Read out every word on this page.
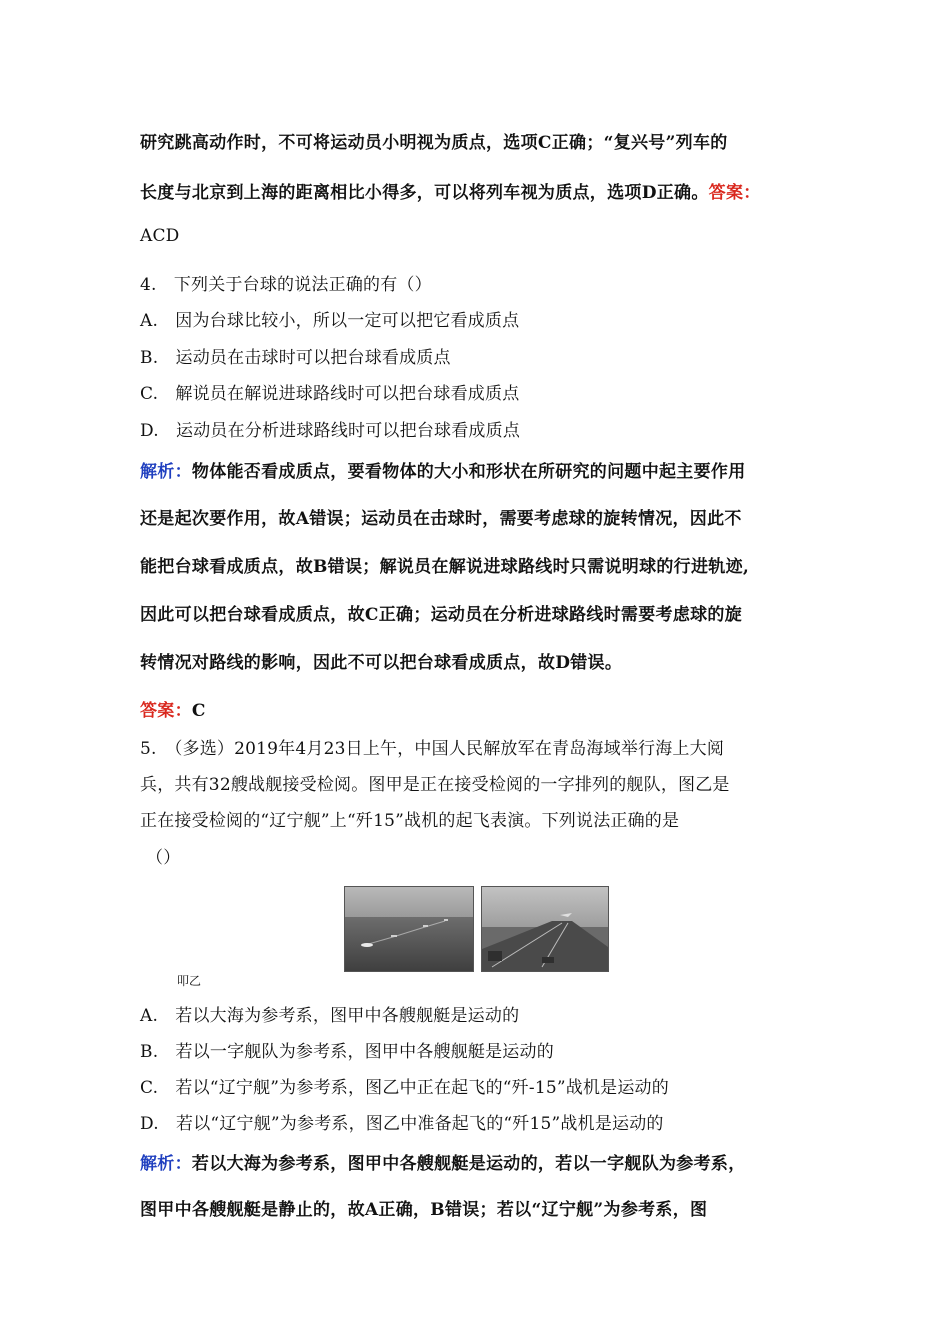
研究跳高动作时，不可将运动员小明视为质点，选项C正确；“复兴号”列车的
长度与北京到上海的距离相比小得多，可以将列车视为质点，选项D正确。答案：
ACD
4.　下列关于台球的说法正确的有（）
A.　因为台球比较小，所以一定可以把它看成质点
B.　运动员在击球时可以把台球看成质点
C.　解说员在解说进球路线时可以把台球看成质点
D.　运动员在分析进球路线时可以把台球看成质点
解析：物体能否看成质点，要看物体的大小和形状在所研究的问题中起主要作用
还是起次要作用，故A错误；运动员在击球时，需要考虑球的旋转情况，因此不
能把台球看成质点，故B错误；解说员在解说进球路线时只需说明球的行进轨迹,
因此可以把台球看成质点，故C正确；运动员在分析进球路线时需要考虑球的旋
转情况对路线的影响，因此不可以把台球看成质点，故D错误。
答案：C
5.　（多选）2019年4月23日上午，中国人民解放军在青岛海域举行海上大阅
兵，共有32艘战舰接受检阅。图甲是正在接受检阅的一字排列的舰队，图乙是
正在接受检阅的“辽宁舰”上“歼15”战机的起飞表演。下列说法正确的是
（）
叩乙
A.　若以大海为参考系，图甲中各艘舰艇是运动的
B.　若以一字舰队为参考系，图甲中各艘舰艇是运动的
C.　若以“辽宁舰”为参考系，图乙中正在起飞的“歼-15”战机是运动的
D.　若以“辽宁舰”为参考系，图乙中准备起飞的“歼15”战机是运动的
解析：若以大海为参考系，图甲中各艘舰艇是运动的，若以一字舰队为参考系，
图甲中各艘舰艇是静止的，故A正确，B错误；若以“辽宁舰”为参考系，图
